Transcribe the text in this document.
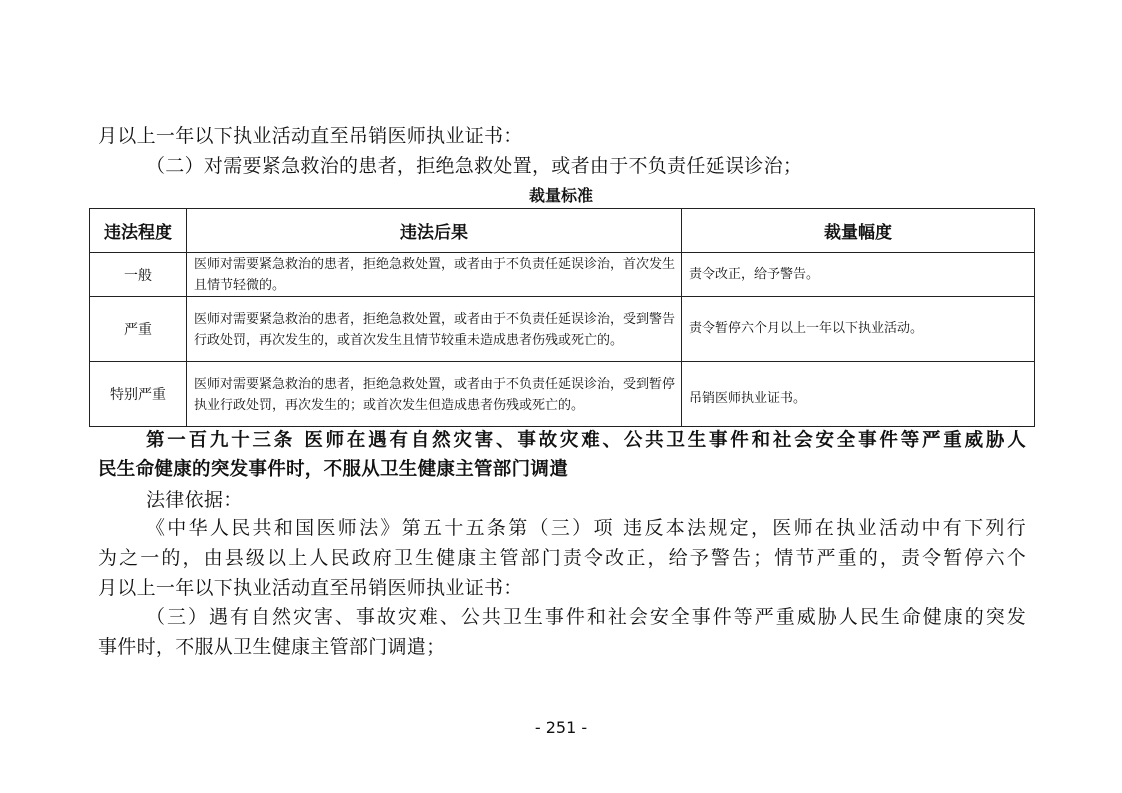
月以上一年以下执业活动直至吊销医师执业证书：
（二）对需要紧急救治的患者，拒绝急救处置，或者由于不负责任延误诊治；
裁量标准
违法程度	违法后果	裁量幅度
一般	医师对需要紧急救治的患者，拒绝急救处置，或者由于不负责任延误诊治，首次发生且情节轻微的。	责令改正，给予警告。
严重	医师对需要紧急救治的患者，拒绝急救处置，或者由于不负责任延误诊治，受到警告行政处罚，再次发生的，或首次发生且情节较重未造成患者伤残或死亡的。	责令暂停六个月以上一年以下执业活动。
特别严重	医师对需要紧急救治的患者，拒绝急救处置，或者由于不负责任延误诊治，受到暂停执业行政处罚，再次发生的；或首次发生但造成患者伤残或死亡的。	吊销医师执业证书。
第一百九十三条 医师在遇有自然灾害、事故灾难、公共卫生事件和社会安全事件等严重威胁人
民生命健康的突发事件时，不服从卫生健康主管部门调遣
法律依据：
《中华人民共和国医师法》第五十五条第（三）项 违反本法规定，医师在执业活动中有下列行
为之一的，由县级以上人民政府卫生健康主管部门责令改正，给予警告；情节严重的，责令暂停六个
月以上一年以下执业活动直至吊销医师执业证书：
（三）遇有自然灾害、事故灾难、公共卫生事件和社会安全事件等严重威胁人民生命健康的突发
事件时，不服从卫生健康主管部门调遣；
- 251 -
